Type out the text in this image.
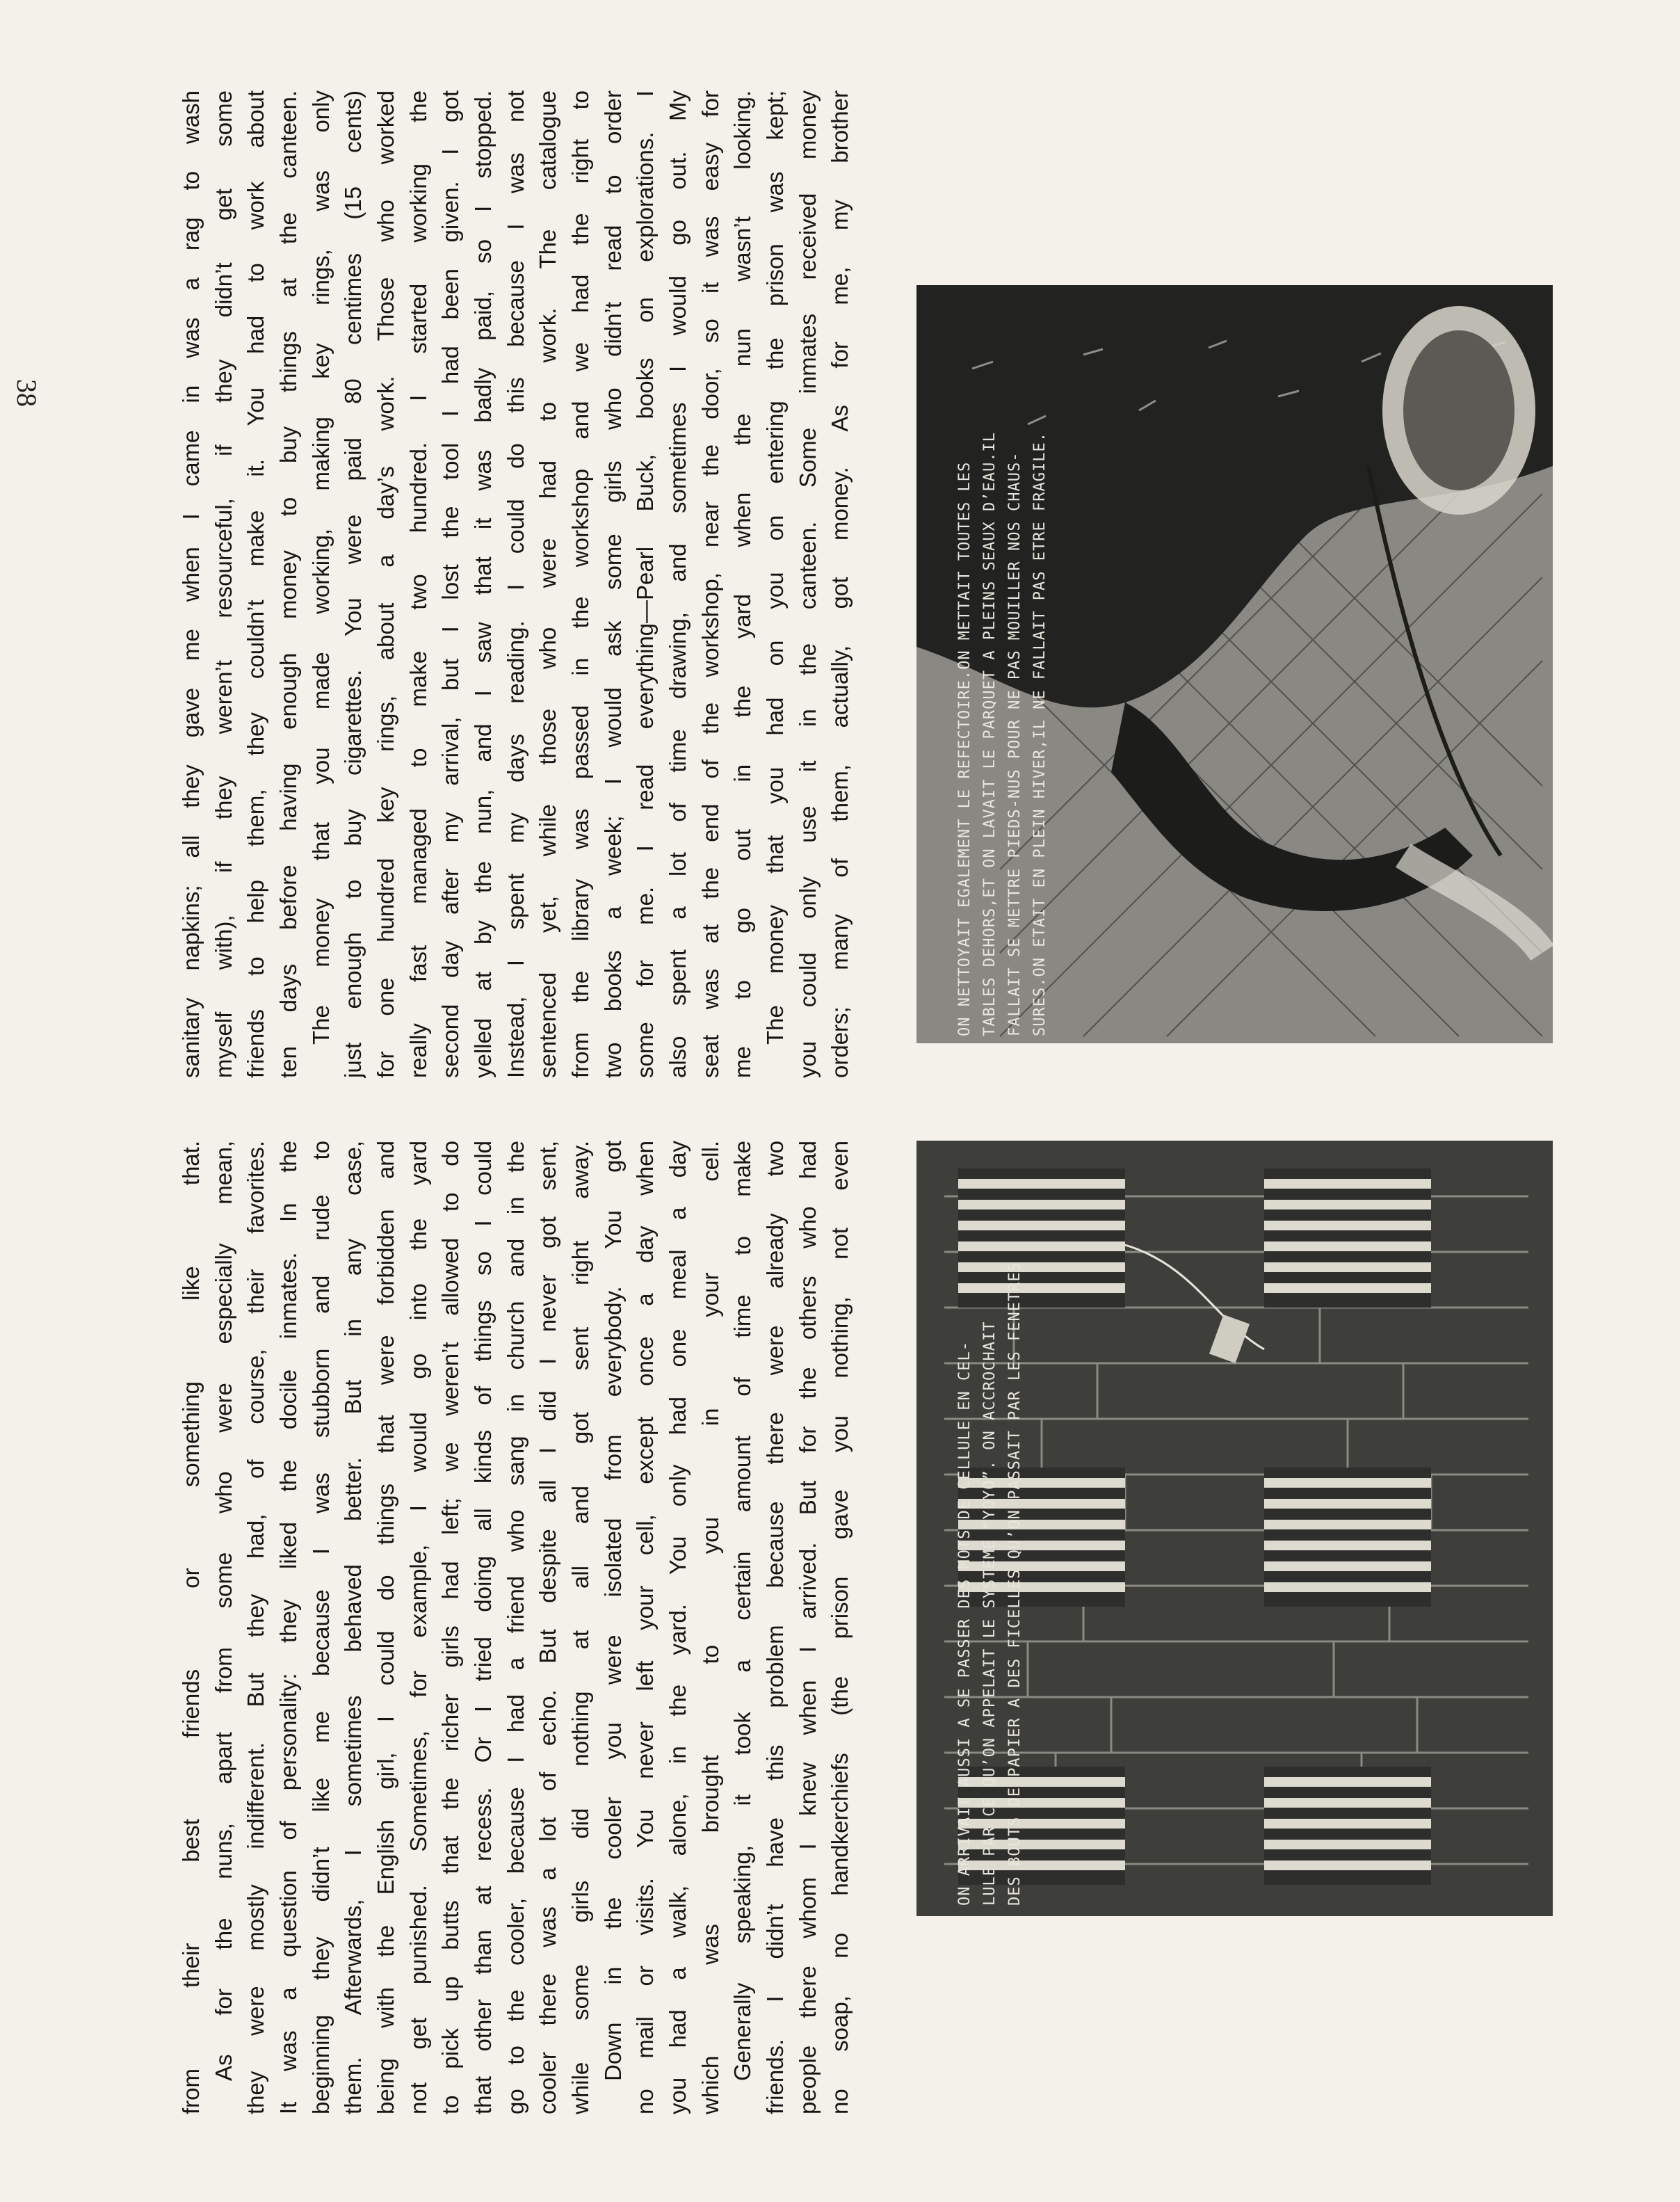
38
from their best friends or something like that. As for the nuns, apart from some who were especially mean, they were mostly indifferent. But they had, of course, their favorites. It was a question of personality: they liked the docile inmates. In the beginning they didn’t like me because I was stubborn and rude to them. Afterwards, I sometimes behaved better. But in any case, being with the English girl, I could do things that were forbidden and not get punished. Sometimes, for example, I would go into the yard to pick up butts that the richer girls had left; we weren’t allowed to do that other than at recess. Or I tried doing all kinds of things so I could go to the cooler, because I had a friend who sang in church and in the cooler there was a lot of echo. But despite all I did I never got sent, while some girls did nothing at all and got sent right away. Down in the cooler you were isolated from everybody. You got no mail or visits. You never left your cell, except once a day when you had a walk, alone, in the yard. You only had one meal a day which was brought to you in your cell. Generally speaking, it took a certain amount of time to make friends. I didn’t have this problem because there were already two people there whom I knew when I arrived. But for the others who had no soap, no handkerchiefs (the prison gave you nothing, not even
sanitary napkins; all they gave me when I came in was a rag to wash myself with), if they weren’t resourceful, if they didn’t get some friends to help them, they couldn’t make it. You had to work about ten days before having enough money to buy things at the canteen. The money that you made working, making key rings, was only just enough to buy cigarettes. You were paid 80 centimes (15 cents) for one hundred key rings, about a day’s work. Those who worked really fast managed to make two hundred. I started working the second day after my arrival, but I lost the tool I had been given. I got yelled at by the nun, and I saw that it was badly paid, so I stopped. Instead, I spent my days reading. I could do this because I was not sentenced yet, while those who were had to work. The catalogue from the library was passed in the workshop and we had the right to two books a week; I would ask some girls who didn’t read to order some for me. I read everything—Pearl Buck, books on explorations. I also spent a lot of time drawing, and sometimes I would go out. My seat was at the end of the workshop, near the door, so it was easy for me to go out in the yard when the nun wasn’t looking. The money that you had on you on entering the prison was kept; you could only use it in the canteen. Some inmates received money orders; many of them, actually, got money. As for me, my brother
ON ARRIVAIT AUSSI A SE PASSER DES MOTS DE CELLULE EN CEL- LULE PAR CE QU’ON APPELAIT LE SYSTEME “YOYO”. ON ACCROCHAIT DES BOUTS DE PAPIER A DES FICELLES QU’ON PASSAIT PAR LES FENETRES
ON NETTOYAIT EGALEMENT LE REFECTOIRE.ON METTAIT TOUTES LES TABLES DEHORS,ET ON LAVAIT LE PARQUET A PLEINS SEAUX D’EAU.IL FALLAIT SE METTRE PIEDS-NUS POUR NE PAS MOUILLER NOS CHAUS- SURES.ON ETAIT EN PLEIN HIVER,IL NE FALLAIT PAS ETRE FRAGILE.
